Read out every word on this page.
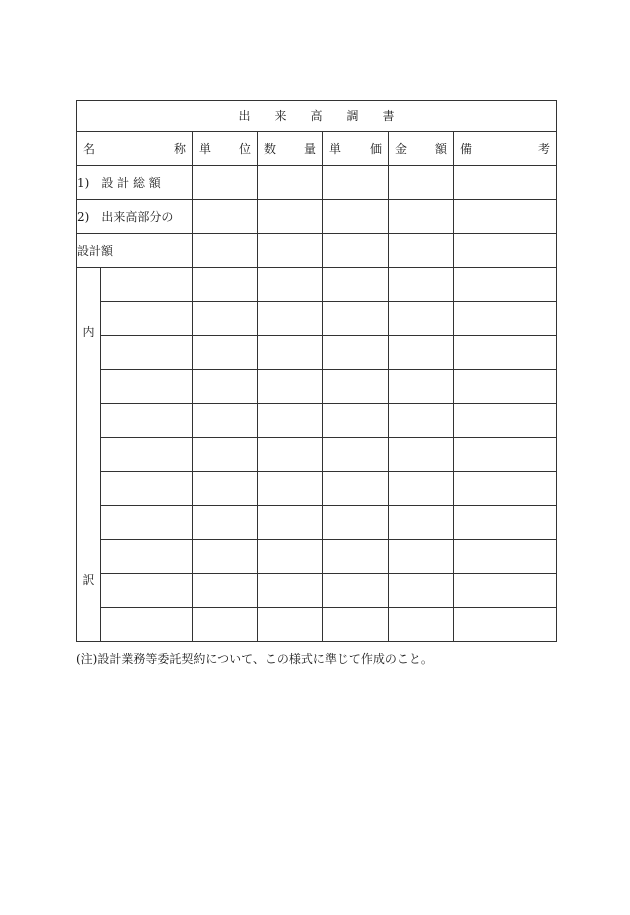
出　　来　　高　　調　　書						

名 称		単 位	数 量	単 価	金 額	備 考

1)　設 計 総 額						
2)　出来高部分の						
設計額						

内
訳						

(注)設計業務等委託契約について、この様式に準じて作成のこと。
